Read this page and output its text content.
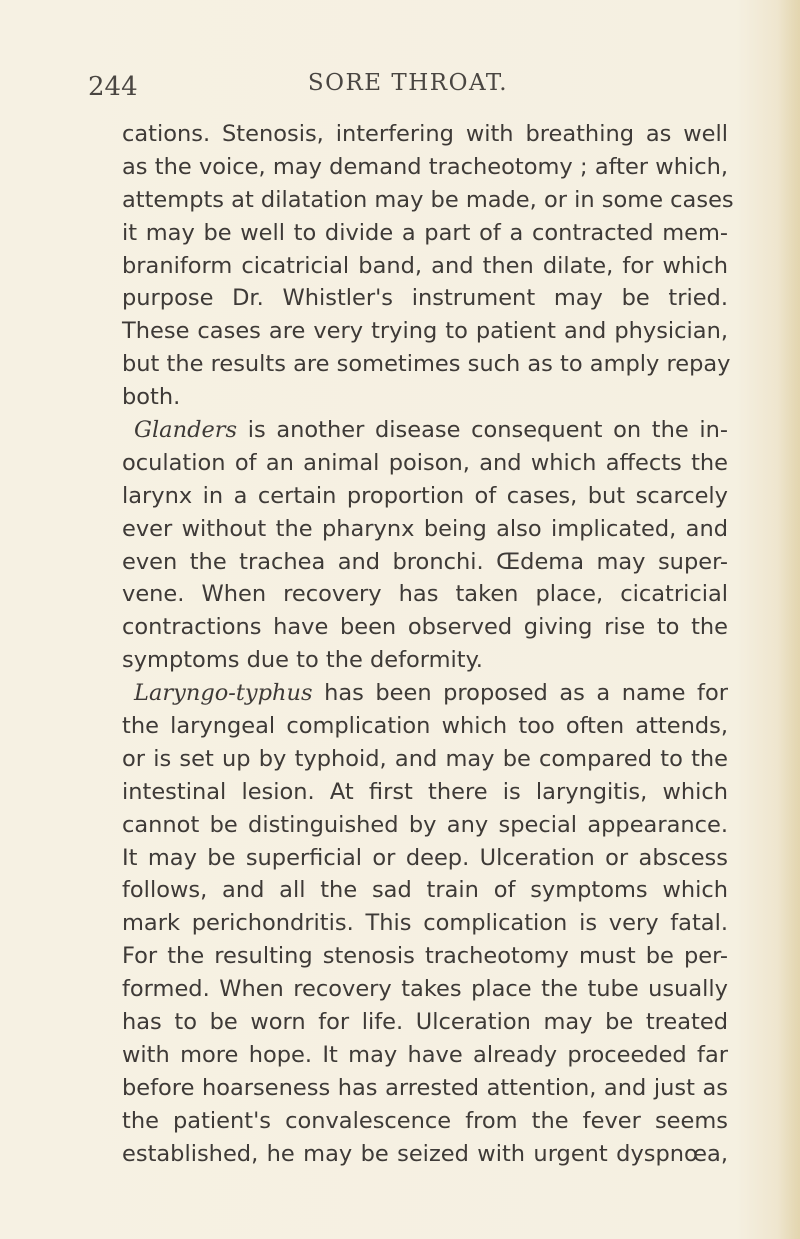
244	SORE THROAT.
cations. Stenosis, interfering with breathing as well
as the voice, may demand tracheotomy ; after which,
attempts at dilatation may be made, or in some cases
it may be well to divide a part of a contracted mem-
braniform cicatricial band, and then dilate, for which
purpose Dr. Whistler's instrument may be tried.
These cases are very trying to patient and physician,
but the results are sometimes such as to amply repay
both.
Glanders is another disease consequent on the in-
oculation of an animal poison, and which affects the
larynx in a certain proportion of cases, but scarcely
ever without the pharynx being also implicated, and
even the trachea and bronchi. Œdema may super-
vene. When recovery has taken place, cicatricial
contractions have been observed giving rise to the
symptoms due to the deformity.
Laryngo-typhus has been proposed as a name for
the laryngeal complication which too often attends,
or is set up by typhoid, and may be compared to the
intestinal lesion. At first there is laryngitis, which
cannot be distinguished by any special appearance.
It may be superficial or deep. Ulceration or abscess
follows, and all the sad train of symptoms which
mark perichondritis. This complication is very fatal.
For the resulting stenosis tracheotomy must be per-
formed. When recovery takes place the tube usually
has to be worn for life. Ulceration may be treated
with more hope. It may have already proceeded far
before hoarseness has arrested attention, and just as
the patient's convalescence from the fever seems
established, he may be seized with urgent dyspnœa,
